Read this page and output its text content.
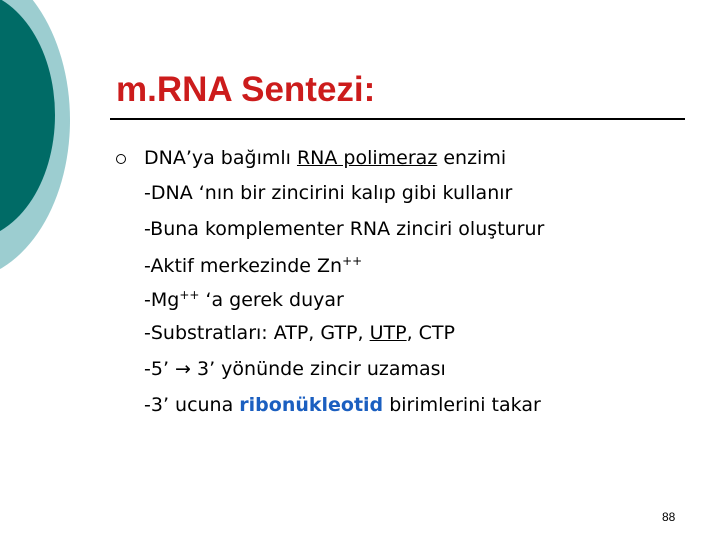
m.RNA Sentezi:
DNA’ya bağımlı RNA polimeraz enzimi
-DNA ‘nın bir zincirini kalıp gibi kullanır
-Buna komplementer RNA zinciri oluşturur
-Aktif merkezinde Zn++
-Mg++ ‘a gerek duyar
-Substratları: ATP, GTP, UTP, CTP
-5’ → 3’ yönünde zincir uzaması
-3’ ucuna ribonükleotid birimlerini takar
88
